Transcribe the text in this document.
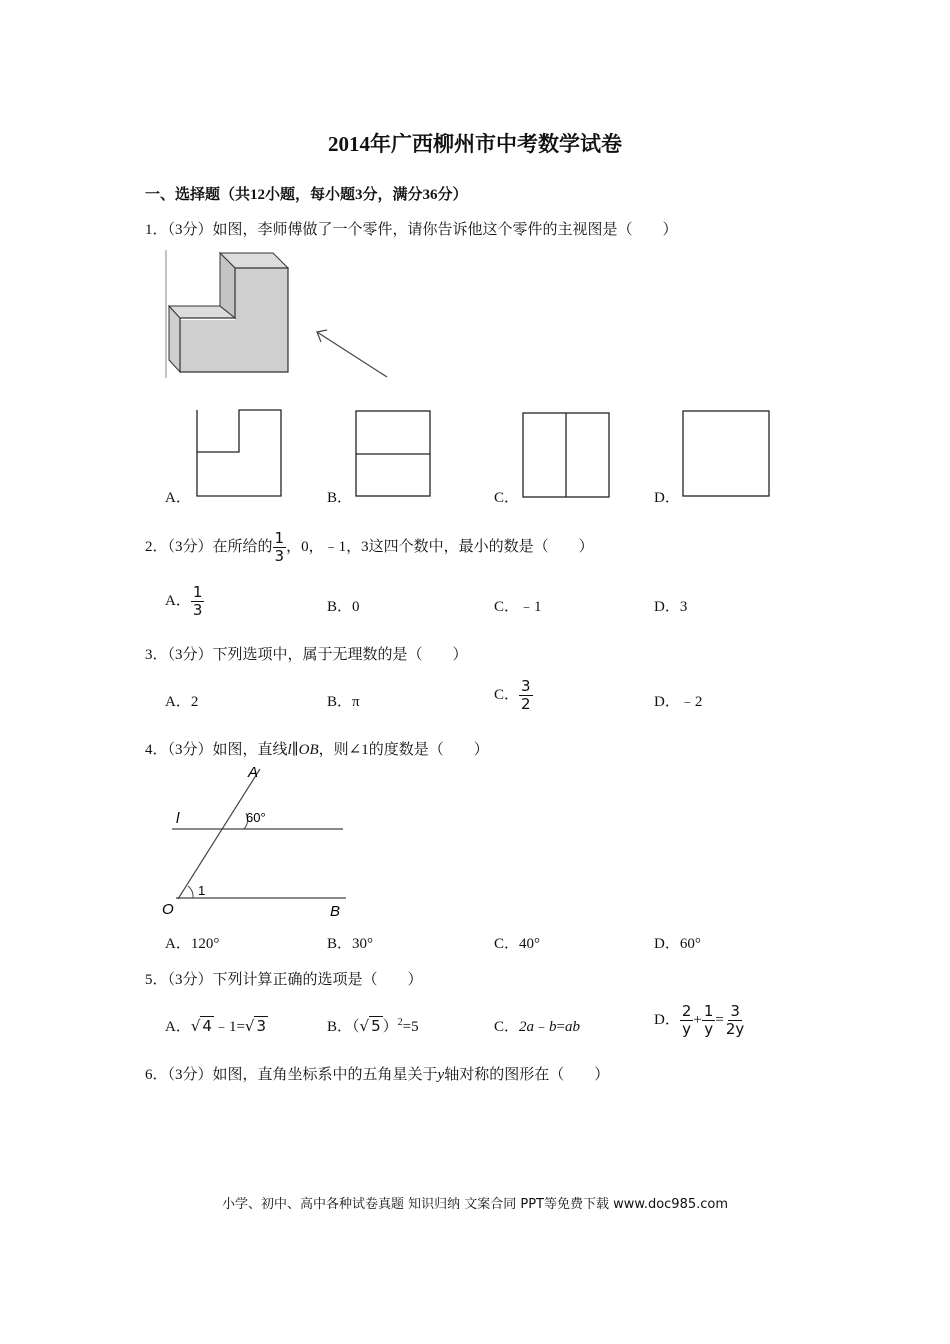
2014年广西柳州市中考数学试卷
一、选择题（共12小题，每小题3分，满分36分）
1．（3分）如图，李师傅做了一个零件，请你告诉他这个零件的主视图是（　　）
A．	B．	C．	D．
2．（3分）在所给的 $\frac{1}{3}$ ，0，﹣1，3这四个数中，最小的数是（　　）
A． $\frac{1}{3}$	B．0	C．﹣1	D．3
3．（3分）下列选项中，属于无理数的是（　　）
A．2	B．π	C． $\frac{3}{2}$	D．﹣2
4．（3分）如图，直线l∥OB，则∠1的度数是（　　）
A
l	60°
1
O	B
A．120°	B．30°	C．40°	D．60°
5．（3分）下列计算正确的选项是（　　）
A．√ 4 ﹣1=√ 3	B．（√ 5 ）$^2$=5	C．2a﹣b=ab	D． $\frac{2}{y} + \frac{1}{y} = \frac{3}{2y}$
6．（3分）如图，直角坐标系中的五角星关于y轴对称的图形在（　　）
小学、初中、高中各种试卷真题 知识归纳 文案合同 PPT等免费下载 www.doc985.com
